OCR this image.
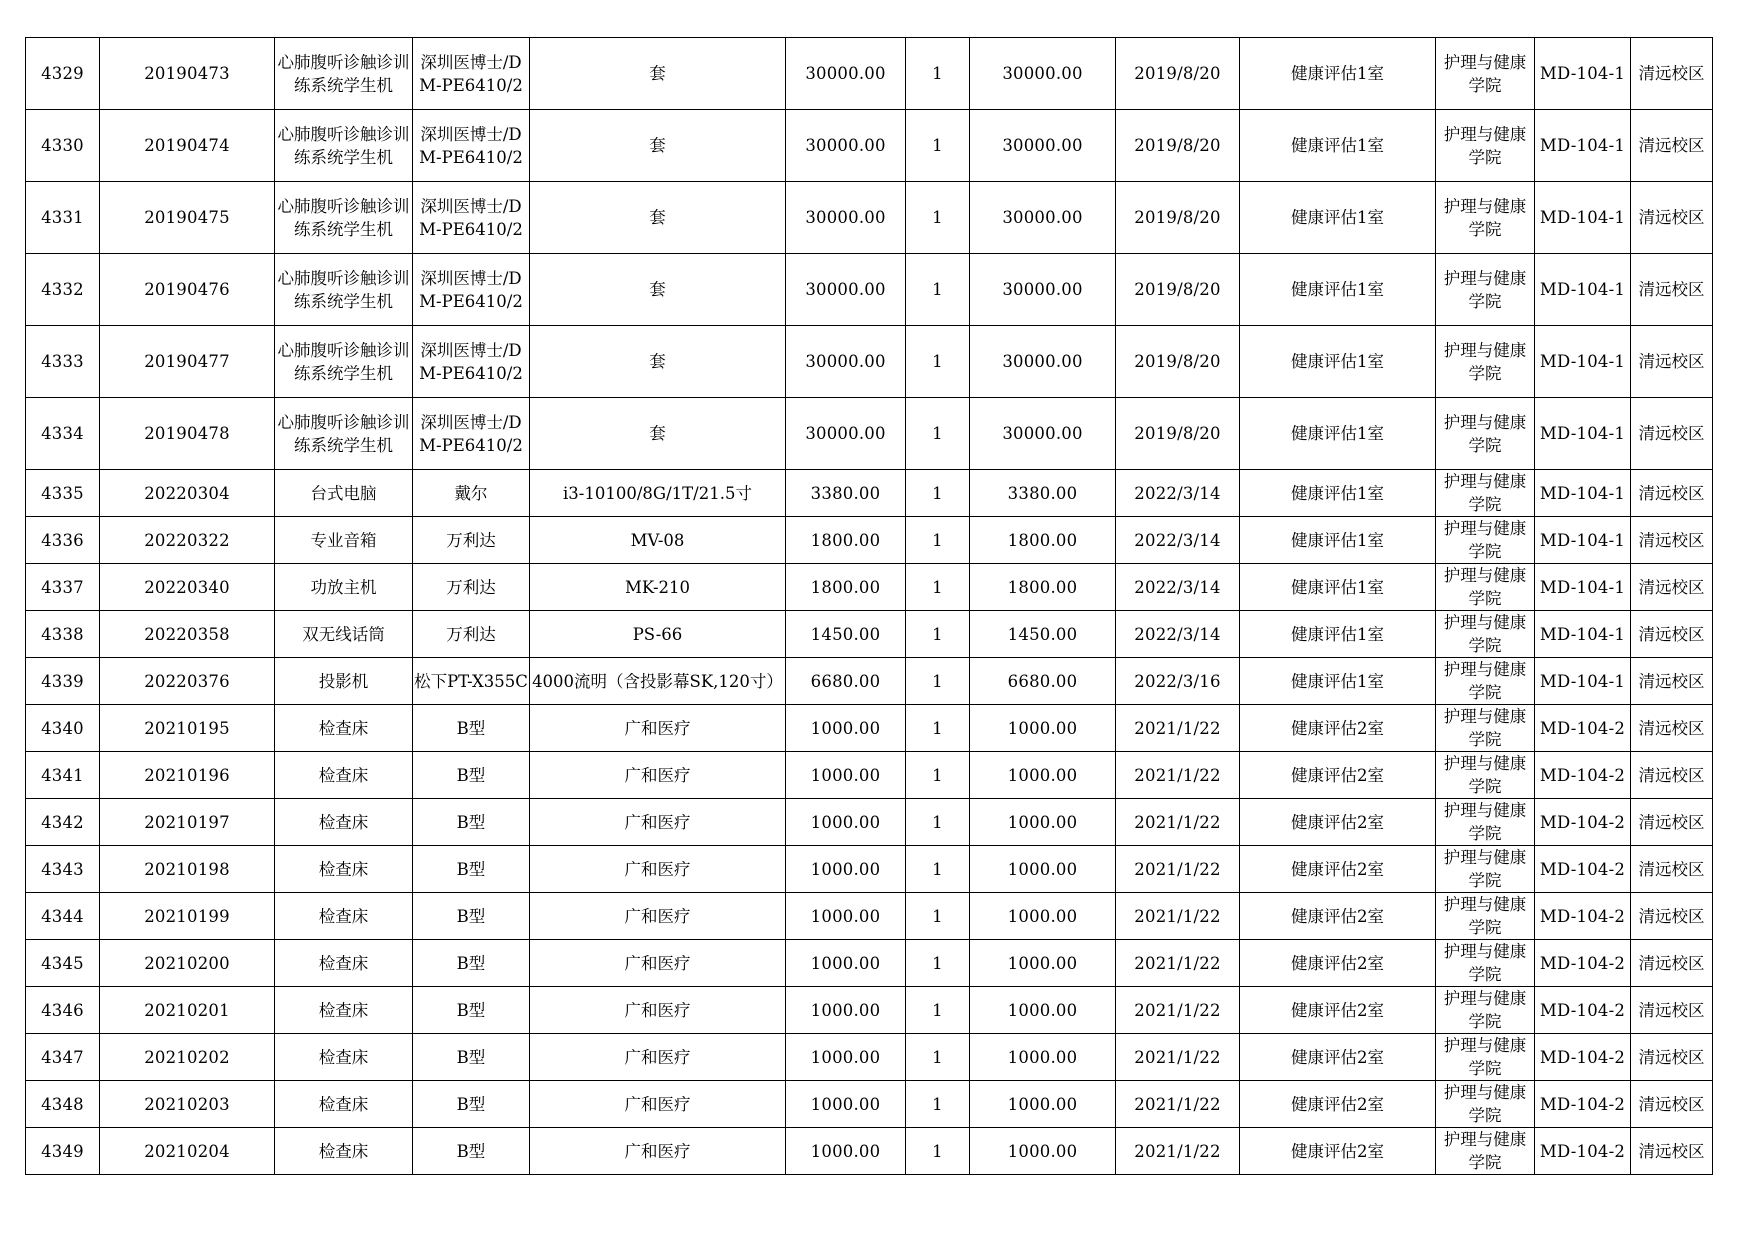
4329	20190473	心肺腹听诊触诊训练系统学生机	深圳医博士/DM-PE6410/2	套	30000.00	1	30000.00	2019/8/20	健康评估1室	护理与健康学院	MD-104-1	清远校区
4330	20190474	心肺腹听诊触诊训练系统学生机	深圳医博士/DM-PE6410/2	套	30000.00	1	30000.00	2019/8/20	健康评估1室	护理与健康学院	MD-104-1	清远校区
4331	20190475	心肺腹听诊触诊训练系统学生机	深圳医博士/DM-PE6410/2	套	30000.00	1	30000.00	2019/8/20	健康评估1室	护理与健康学院	MD-104-1	清远校区
4332	20190476	心肺腹听诊触诊训练系统学生机	深圳医博士/DM-PE6410/2	套	30000.00	1	30000.00	2019/8/20	健康评估1室	护理与健康学院	MD-104-1	清远校区
4333	20190477	心肺腹听诊触诊训练系统学生机	深圳医博士/DM-PE6410/2	套	30000.00	1	30000.00	2019/8/20	健康评估1室	护理与健康学院	MD-104-1	清远校区
4334	20190478	心肺腹听诊触诊训练系统学生机	深圳医博士/DM-PE6410/2	套	30000.00	1	30000.00	2019/8/20	健康评估1室	护理与健康学院	MD-104-1	清远校区
4335	20220304	台式电脑	戴尔	i3-10100/8G/1T/21.5寸	3380.00	1	3380.00	2022/3/14	健康评估1室	护理与健康学院	MD-104-1	清远校区
4336	20220322	专业音箱	万利达	MV-08	1800.00	1	1800.00	2022/3/14	健康评估1室	护理与健康学院	MD-104-1	清远校区
4337	20220340	功放主机	万利达	MK-210	1800.00	1	1800.00	2022/3/14	健康评估1室	护理与健康学院	MD-104-1	清远校区
4338	20220358	双无线话筒	万利达	PS-66	1450.00	1	1450.00	2022/3/14	健康评估1室	护理与健康学院	MD-104-1	清远校区
4339	20220376	投影机	松下PT-X355C	4000流明（含投影幕SK,120寸）	6680.00	1	6680.00	2022/3/16	健康评估1室	护理与健康学院	MD-104-1	清远校区
4340	20210195	检查床	B型	广和医疗	1000.00	1	1000.00	2021/1/22	健康评估2室	护理与健康学院	MD-104-2	清远校区
4341	20210196	检查床	B型	广和医疗	1000.00	1	1000.00	2021/1/22	健康评估2室	护理与健康学院	MD-104-2	清远校区
4342	20210197	检查床	B型	广和医疗	1000.00	1	1000.00	2021/1/22	健康评估2室	护理与健康学院	MD-104-2	清远校区
4343	20210198	检查床	B型	广和医疗	1000.00	1	1000.00	2021/1/22	健康评估2室	护理与健康学院	MD-104-2	清远校区
4344	20210199	检查床	B型	广和医疗	1000.00	1	1000.00	2021/1/22	健康评估2室	护理与健康学院	MD-104-2	清远校区
4345	20210200	检查床	B型	广和医疗	1000.00	1	1000.00	2021/1/22	健康评估2室	护理与健康学院	MD-104-2	清远校区
4346	20210201	检查床	B型	广和医疗	1000.00	1	1000.00	2021/1/22	健康评估2室	护理与健康学院	MD-104-2	清远校区
4347	20210202	检查床	B型	广和医疗	1000.00	1	1000.00	2021/1/22	健康评估2室	护理与健康学院	MD-104-2	清远校区
4348	20210203	检查床	B型	广和医疗	1000.00	1	1000.00	2021/1/22	健康评估2室	护理与健康学院	MD-104-2	清远校区
4349	20210204	检查床	B型	广和医疗	1000.00	1	1000.00	2021/1/22	健康评估2室	护理与健康学院	MD-104-2	清远校区
